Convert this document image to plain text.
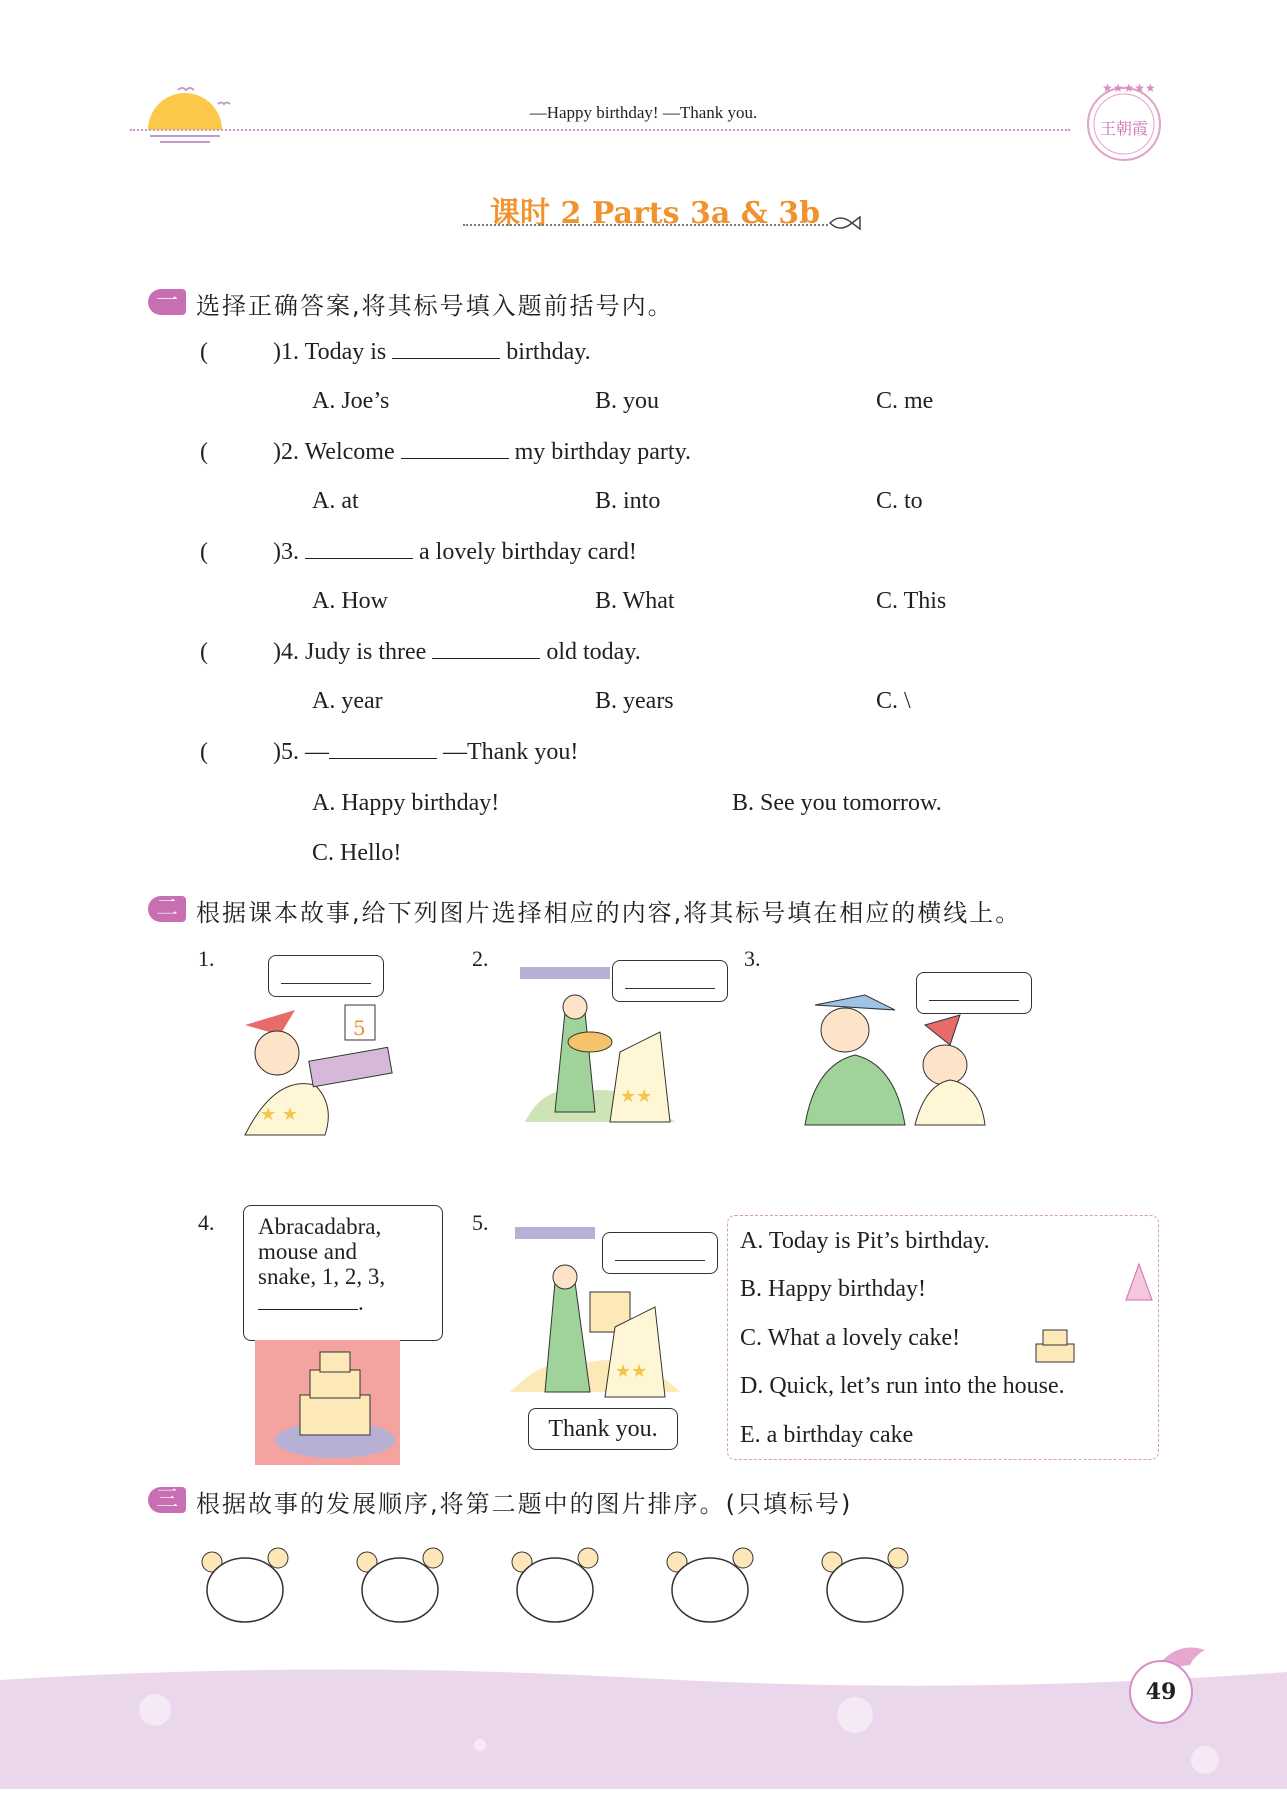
—Happy birthday! —Thank you.
★★★★★
王朝霞
课时 2 Parts 3a & 3b
一 选择正确答案,将其标号填入题前括号内。
(	)1. Today is	birthday.
A. Joe’s	B. you	C. me
(	)2. Welcome	my birthday party.
A. at	B. into	C. to
(	)3.	a lovely birthday card!
A. How	B. What	C. This
(	)4. Judy is three	old today.
A. year	B. years	C. \
(	)5. —	—Thank you!
A. Happy birthday!	B. See you tomorrow.
C. Hello!
二 根据课本故事,给下列图片选择相应的内容,将其标号填在相应的横线上。
1.
★ ★
5
2.
★★
3.
4. Abracadabra,
mouse and
snake, 1, 2, 3,
.
5.
★★
Thank you.
A. Today is Pit’s birthday.
B. Happy birthday!
C. What a lovely cake!
D. Quick, let’s run into the house.
E. a birthday cake
三 根据故事的发展顺序,将第二题中的图片排序。(只填标号)
49
